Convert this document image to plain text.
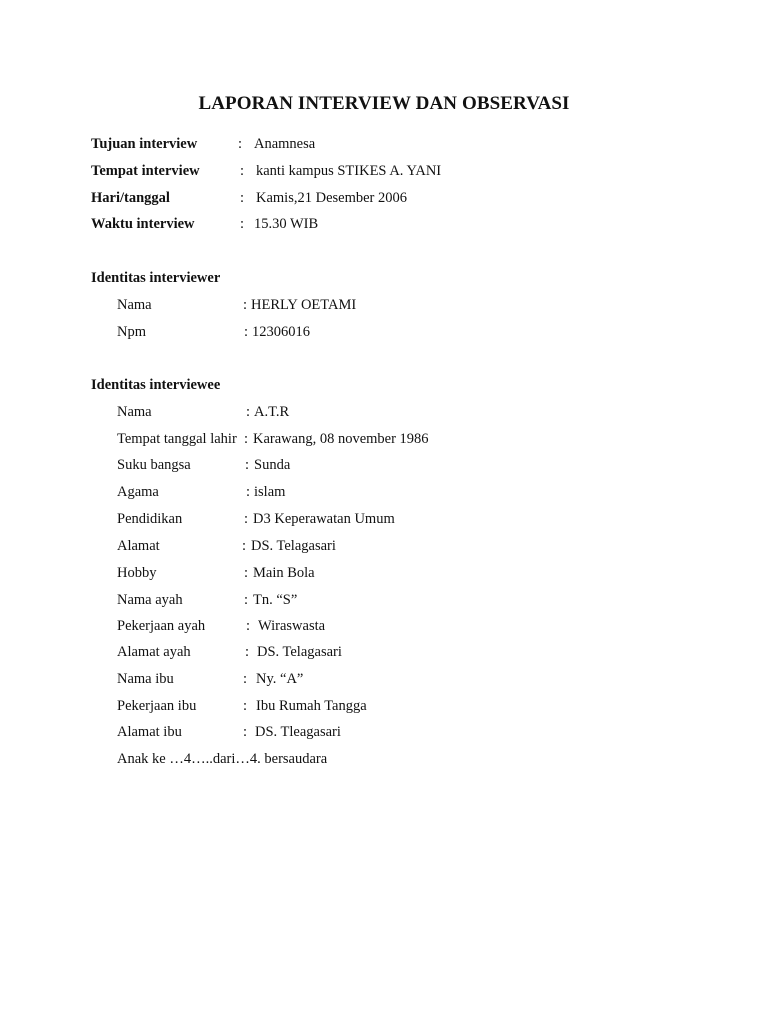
LAPORAN INTERVIEW DAN OBSERVASI
Tujuan interview	: Anamnesa
Tempat interview	: kanti kampus STIKES A. YANI
Hari/tanggal	: Kamis,21 Desember 2006
Waktu interview	: 15.30 WIB
Identitas interviewer
Nama	: HERLY OETAMI
Npm	: 12306016
Identitas interviewee
Nama	: A.T.R
Tempat tanggal lahir : Karawang, 08 november 1986
Suku bangsa	: Sunda
Agama	: islam
Pendidikan	: D3 Keperawatan Umum
Alamat	: DS. Telagasari
Hobby	: Main Bola
Nama ayah	: Tn. “S”
Pekerjaan ayah	: Wiraswasta
Alamat ayah	: DS. Telagasari
Nama ibu	: Ny. “A”
Pekerjaan ibu	: Ibu Rumah Tangga
Alamat ibu	: DS. Tleagasari
Anak ke …4…..dari…4. bersaudara
